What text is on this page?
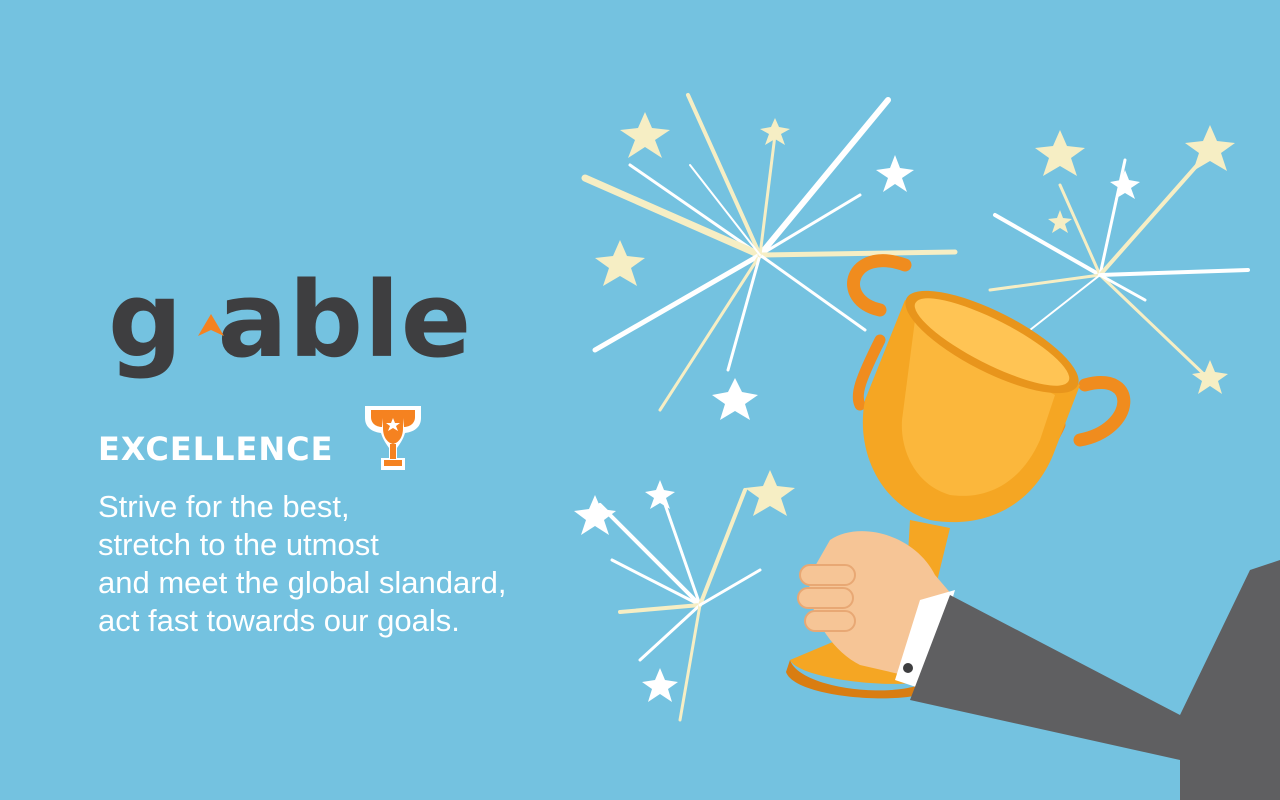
g able
EXCELLENCE
Strive for the best,
stretch to the utmost
and meet the global slandard,
act fast towards our goals.
